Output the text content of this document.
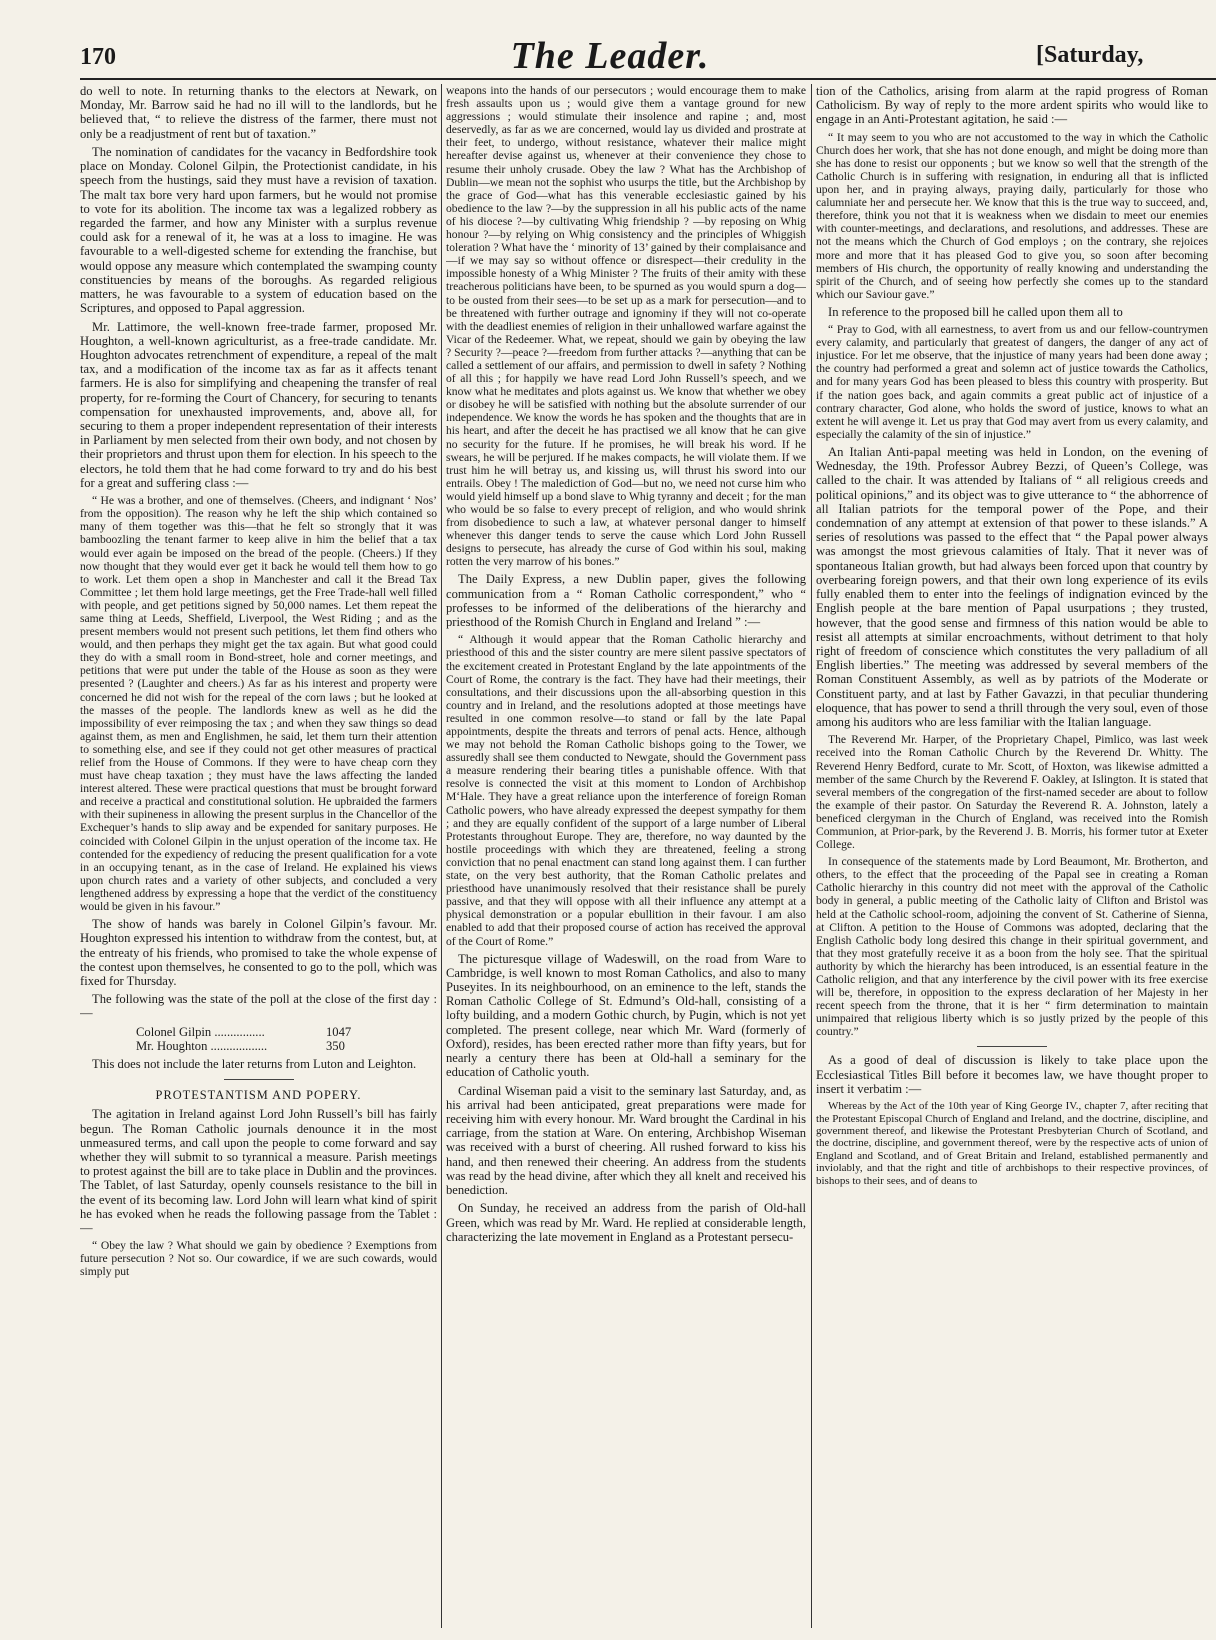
170	The Leader.	[Saturday,

do well to note. In returning thanks to the electors at Newark, on Monday, Mr. Barrow said he had no ill will to the landlords, but he believed that, “ to relieve the distress of the farmer, there must not only be a readjustment of rent but of taxation.”

The nomination of candidates for the vacancy in Bedfordshire took place on Monday. Colonel Gilpin, the Protectionist candidate, in his speech from the hustings, said they must have a revision of taxation. The malt tax bore very hard upon farmers, but he would not promise to vote for its abolition. The income tax was a legalized robbery as regarded the farmer, and how any Minister with a surplus revenue could ask for a renewal of it, he was at a loss to imagine. He was favourable to a well-digested scheme for extending the franchise, but would oppose any measure which contemplated the swamping county constituencies by means of the boroughs. As regarded religious matters, he was favourable to a system of education based on the Scriptures, and opposed to Papal aggression.

Mr. Lattimore, the well-known free-trade farmer, proposed Mr. Houghton, a well-known agriculturist, as a free-trade candidate. Mr. Houghton advocates retrenchment of expenditure, a repeal of the malt tax, and a modification of the income tax as far as it affects tenant farmers. He is also for simplifying and cheapening the transfer of real property, for re-forming the Court of Chancery, for securing to tenants compensation for unexhausted improvements, and, above all, for securing to them a proper independent representation of their interests in Parliament by men selected from their own body, and not chosen by their proprietors and thrust upon them for election. In his speech to the electors, he told them that he had come forward to try and do his best for a great and suffering class :—

“ He was a brother, and one of themselves. (Cheers, and indignant ‘ Nos’ from the opposition). The reason why he left the ship which contained so many of them together was this—that he felt so strongly that it was bamboozling the tenant farmer to keep alive in him the belief that a tax would ever again be imposed on the bread of the people. (Cheers.) If they now thought that they would ever get it back he would tell them how to go to work. Let them open a shop in Manchester and call it the Bread Tax Committee ; let them hold large meetings, get the Free Trade-hall well filled with people, and get petitions signed by 50,000 names. Let them repeat the same thing at Leeds, Sheffield, Liverpool, the West Riding ; and as the present members would not present such petitions, let them find others who would, and then perhaps they might get the tax again. But what good could they do with a small room in Bond-street, hole and corner meetings, and petitions that were put under the table of the House as soon as they were presented ? (Laughter and cheers.) As far as his interest and property were concerned he did not wish for the repeal of the corn laws ; but he looked at the masses of the people. The landlords knew as well as he did the impossibility of ever reimposing the tax ; and when they saw things so dead against them, as men and Englishmen, he said, let them turn their attention to something else, and see if they could not get other measures of practical relief from the House of Commons. If they were to have cheap corn they must have cheap taxation ; they must have the laws affecting the landed interest altered. These were practical questions that must be brought forward and receive a practical and constitutional solution. He upbraided the farmers with their supineness in allowing the present surplus in the Chancellor of the Exchequer’s hands to slip away and be expended for sanitary purposes. He coincided with Colonel Gilpin in the unjust operation of the income tax. He contended for the expediency of reducing the present qualification for a vote in an occupying tenant, as in the case of Ireland. He explained his views upon church rates and a variety of other subjects, and concluded a very lengthened address by expressing a hope that the verdict of the constituency would be given in his favour.”

The show of hands was barely in Colonel Gilpin’s favour. Mr. Houghton expressed his intention to withdraw from the contest, but, at the entreaty of his friends, who promised to take the whole expense of the contest upon themselves, he consented to go to the poll, which was fixed for Thursday.

The following was the state of the poll at the close of the first day :—

Colonel Gilpin ................	1047
Mr. Houghton ..................	350

This does not include the later returns from Luton and Leighton.

PROTESTANTISM AND POPERY.

The agitation in Ireland against Lord John Russell’s bill has fairly begun. The Roman Catholic journals denounce it in the most unmeasured terms, and call upon the people to come forward and say whether they will submit to so tyrannical a measure. Parish meetings to protest against the bill are to take place in Dublin and the provinces. The Tablet, of last Saturday, openly counsels resistance to the bill in the event of its becoming law. Lord John will learn what kind of spirit he has evoked when he reads the following passage from the Tablet :—

“ Obey the law ? What should we gain by obedience ? Exemptions from future persecution ? Not so. Our cowardice, if we are such cowards, would simply put

weapons into the hands of our persecutors ; would encourage them to make fresh assaults upon us ; would give them a vantage ground for new aggressions ; would stimulate their insolence and rapine ; and, most deservedly, as far as we are concerned, would lay us divided and prostrate at their feet, to undergo, without resistance, whatever their malice might hereafter devise against us, whenever at their convenience they chose to resume their unholy crusade. Obey the law ? What has the Archbishop of Dublin—we mean not the sophist who usurps the title, but the Archbishop by the grace of God—what has this venerable ecclesiastic gained by his obedience to the law ?—by the suppression in all his public acts of the name of his diocese ?—by cultivating Whig friendship ? —by reposing on Whig honour ?—by relying on Whig consistency and the principles of Whiggish toleration ? What have the ‘ minority of 13’ gained by their complaisance and—if we may say so without offence or disrespect—their credulity in the impossible honesty of a Whig Minister ? The fruits of their amity with these treacherous politicians have been, to be spurned as you would spurn a dog—to be ousted from their sees—to be set up as a mark for persecution—and to be threatened with further outrage and ignominy if they will not co-operate with the deadliest enemies of religion in their unhallowed warfare against the Vicar of the Redeemer. What, we repeat, should we gain by obeying the law ? Security ?—peace ?—freedom from further attacks ?—anything that can be called a settlement of our affairs, and permission to dwell in safety ? Nothing of all this ; for happily we have read Lord John Russell’s speech, and we know what he meditates and plots against us. We know that whether we obey or disobey he will be satisfied with nothing but the absolute surrender of our independence. We know the words he has spoken and the thoughts that are in his heart, and after the deceit he has practised we all know that he can give no security for the future. If he promises, he will break his word. If he swears, he will be perjured. If he makes compacts, he will violate them. If we trust him he will betray us, and kissing us, will thrust his sword into our entrails. Obey ! The malediction of God—but no, we need not curse him who would yield himself up a bond slave to Whig tyranny and deceit ; for the man who would be so false to every precept of religion, and who would shrink from disobedience to such a law, at whatever personal danger to himself whenever this danger tends to serve the cause which Lord John Russell designs to persecute, has already the curse of God within his soul, making rotten the very marrow of his bones.”

The Daily Express, a new Dublin paper, gives the following communication from a “ Roman Catholic correspondent,” who “ professes to be informed of the deliberations of the hierarchy and priesthood of the Romish Church in England and Ireland ” :—

“ Although it would appear that the Roman Catholic hierarchy and priesthood of this and the sister country are mere silent passive spectators of the excitement created in Protestant England by the late appointments of the Court of Rome, the contrary is the fact. They have had their meetings, their consultations, and their discussions upon the all-absorbing question in this country and in Ireland, and the resolutions adopted at those meetings have resulted in one common resolve—to stand or fall by the late Papal appointments, despite the threats and terrors of penal acts. Hence, although we may not behold the Roman Catholic bishops going to the Tower, we assuredly shall see them conducted to Newgate, should the Government pass a measure rendering their bearing titles a punishable offence. With that resolve is connected the visit at this moment to London of Archbishop M‘Hale. They have a great reliance upon the interference of foreign Roman Catholic powers, who have already expressed the deepest sympathy for them ; and they are equally confident of the support of a large number of Liberal Protestants throughout Europe. They are, therefore, no way daunted by the hostile proceedings with which they are threatened, feeling a strong conviction that no penal enactment can stand long against them. I can further state, on the very best authority, that the Roman Catholic prelates and priesthood have unanimously resolved that their resistance shall be purely passive, and that they will oppose with all their influence any attempt at a physical demonstration or a popular ebullition in their favour. I am also enabled to add that their proposed course of action has received the approval of the Court of Rome.”

The picturesque village of Wadeswill, on the road from Ware to Cambridge, is well known to most Roman Catholics, and also to many Puseyites. In its neighbourhood, on an eminence to the left, stands the Roman Catholic College of St. Edmund’s Old-hall, consisting of a lofty building, and a modern Gothic church, by Pugin, which is not yet completed. The present college, near which Mr. Ward (formerly of Oxford), resides, has been erected rather more than fifty years, but for nearly a century there has been at Old-hall a seminary for the education of Catholic youth.

Cardinal Wiseman paid a visit to the seminary last Saturday, and, as his arrival had been anticipated, great preparations were made for receiving him with every honour. Mr. Ward brought the Cardinal in his carriage, from the station at Ware. On entering, Archbishop Wiseman was received with a burst of cheering. All rushed forward to kiss his hand, and then renewed their cheering. An address from the students was read by the head divine, after which they all knelt and received his benediction.

On Sunday, he received an address from the parish of Old-hall Green, which was read by Mr. Ward. He replied at considerable length, characterizing the late movement in England as a Protestant persecu-

tion of the Catholics, arising from alarm at the rapid progress of Roman Catholicism. By way of reply to the more ardent spirits who would like to engage in an Anti-Protestant agitation, he said :—

“ It may seem to you who are not accustomed to the way in which the Catholic Church does her work, that she has not done enough, and might be doing more than she has done to resist our opponents ; but we know so well that the strength of the Catholic Church is in suffering with resignation, in enduring all that is inflicted upon her, and in praying always, praying daily, particularly for those who calumniate her and persecute her. We know that this is the true way to succeed, and, therefore, think you not that it is weakness when we disdain to meet our enemies with counter-meetings, and declarations, and resolutions, and addresses. These are not the means which the Church of God employs ; on the contrary, she rejoices more and more that it has pleased God to give you, so soon after becoming members of His church, the opportunity of really knowing and understanding the spirit of the Church, and of seeing how perfectly she comes up to the standard which our Saviour gave.”

In reference to the proposed bill he called upon them all to

“ Pray to God, with all earnestness, to avert from us and our fellow-countrymen every calamity, and particularly that greatest of dangers, the danger of any act of injustice. For let me observe, that the injustice of many years had been done away ; the country had performed a great and solemn act of justice towards the Catholics, and for many years God has been pleased to bless this country with prosperity. But if the nation goes back, and again commits a great public act of injustice of a contrary character, God alone, who holds the sword of justice, knows to what an extent he will avenge it. Let us pray that God may avert from us every calamity, and especially the calamity of the sin of injustice.”

An Italian Anti-papal meeting was held in London, on the evening of Wednesday, the 19th. Professor Aubrey Bezzi, of Queen’s College, was called to the chair. It was attended by Italians of “ all religious creeds and political opinions,” and its object was to give utterance to “ the abhorrence of all Italian patriots for the temporal power of the Pope, and their condemnation of any attempt at extension of that power to these islands.” A series of resolutions was passed to the effect that “ the Papal power always was amongst the most grievous calamities of Italy. That it never was of spontaneous Italian growth, but had always been forced upon that country by overbearing foreign powers, and that their own long experience of its evils fully enabled them to enter into the feelings of indignation evinced by the English people at the bare mention of Papal usurpations ; they trusted, however, that the good sense and firmness of this nation would be able to resist all attempts at similar encroachments, without detriment to that holy right of freedom of conscience which constitutes the very palladium of all English liberties.” The meeting was addressed by several members of the Roman Constituent Assembly, as well as by patriots of the Moderate or Constituent party, and at last by Father Gavazzi, in that peculiar thundering eloquence, that has power to send a thrill through the very soul, even of those among his auditors who are less familiar with the Italian language.

The Reverend Mr. Harper, of the Proprietary Chapel, Pimlico, was last week received into the Roman Catholic Church by the Reverend Dr. Whitty. The Reverend Henry Bedford, curate to Mr. Scott, of Hoxton, was likewise admitted a member of the same Church by the Reverend F. Oakley, at Islington. It is stated that several members of the congregation of the first-named seceder are about to follow the example of their pastor. On Saturday the Reverend R. A. Johnston, lately a beneficed clergyman in the Church of England, was received into the Romish Communion, at Prior-park, by the Reverend J. B. Morris, his former tutor at Exeter College.

In consequence of the statements made by Lord Beaumont, Mr. Brotherton, and others, to the effect that the proceeding of the Papal see in creating a Roman Catholic hierarchy in this country did not meet with the approval of the Catholic body in general, a public meeting of the Catholic laity of Clifton and Bristol was held at the Catholic school-room, adjoining the convent of St. Catherine of Sienna, at Clifton. A petition to the House of Commons was adopted, declaring that the English Catholic body long desired this change in their spiritual government, and that they most gratefully receive it as a boon from the holy see. That the spiritual authority by which the hierarchy has been introduced, is an essential feature in the Catholic religion, and that any interference by the civil power with its free exercise will be, therefore, in opposition to the express declaration of her Majesty in her recent speech from the throne, that it is her “ firm determination to maintain unimpaired that religious liberty which is so justly prized by the people of this country.”

As a good of deal of discussion is likely to take place upon the Ecclesiastical Titles Bill before it becomes law, we have thought proper to insert it verbatim :—

Whereas by the Act of the 10th year of King George IV., chapter 7, after reciting that the Protestant Episcopal Church of England and Ireland, and the doctrine, discipline, and government thereof, and likewise the Protestant Presbyterian Church of Scotland, and the doctrine, discipline, and government thereof, were by the respective acts of union of England and Scotland, and of Great Britain and Ireland, established permanently and inviolably, and that the right and title of archbishops to their respective provinces, of bishops to their sees, and of deans to
